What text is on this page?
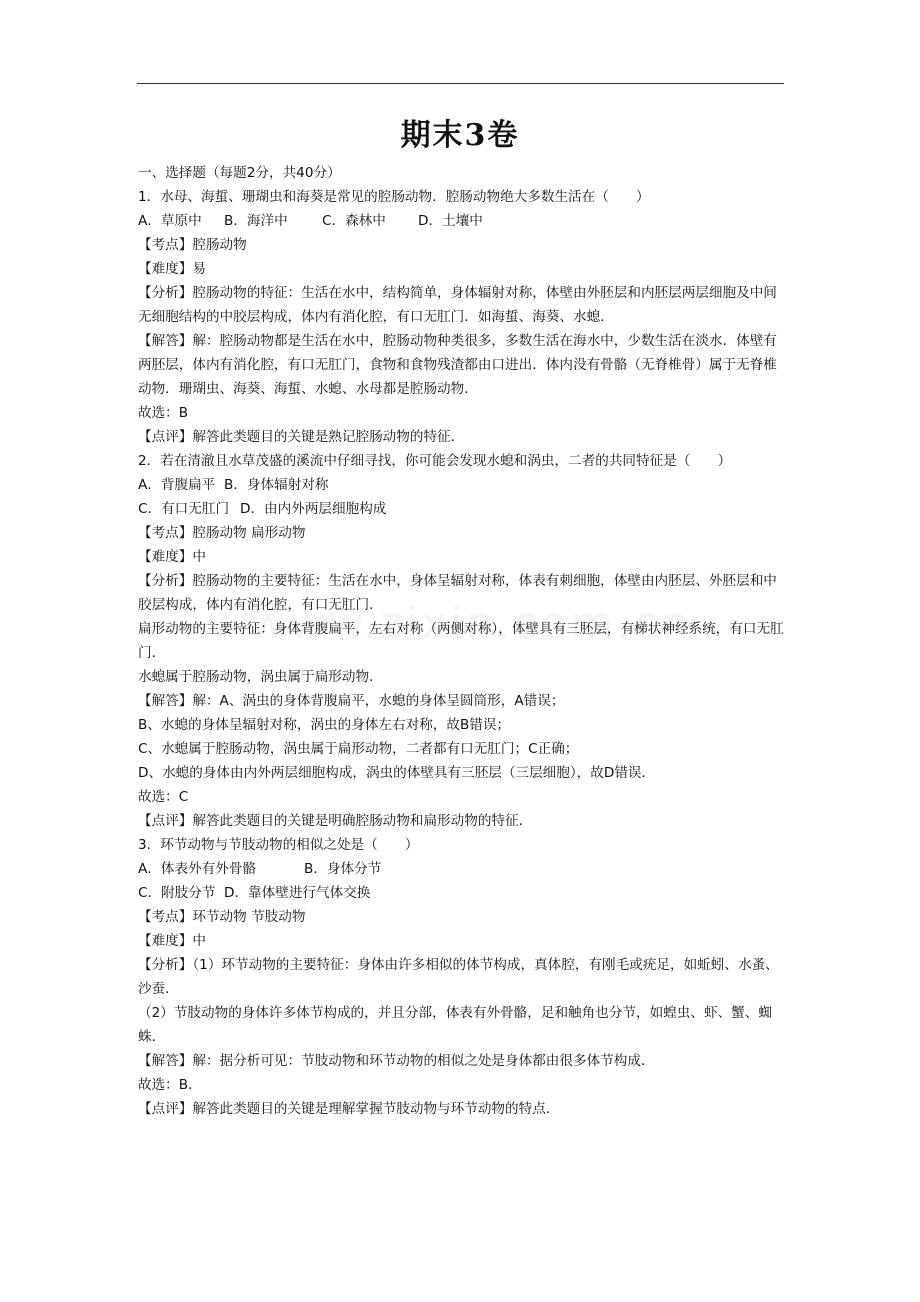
期末3卷

一、选择题（每题2分，共40分）

1．水母、海蜇、珊瑚虫和海葵是常见的腔肠动物．腔肠动物绝大多数生活在（　　）

A．草原中 B．海洋中	C．森林中 D．土壤中

【考点】腔肠动物

【难度】易

【分析】腔肠动物的特征：生活在水中，结构简单，身体辐射对称，体壁由外胚层和内胚层两层细胞及中间无细胞结构的中胶层构成，体内有消化腔，有口无肛门．如海蜇、海葵、水螅．

【解答】解：腔肠动物都是生活在水中，腔肠动物种类很多，多数生活在海水中，少数生活在淡水．体壁有两胚层，体内有消化腔，有口无肛门，食物和食物残渣都由口进出．体内没有骨骼（无脊椎骨）属于无脊椎动物．珊瑚虫、海葵、海蜇、水螅、水母都是腔肠动物．

故选：B

【点评】解答此类题目的关键是熟记腔肠动物的特征．

2．若在清澈且水草茂盛的溪流中仔细寻找，你可能会发现水螅和涡虫，二者的共同特征是（　　）

A．背腹扁平 B．身体辐射对称

C．有口无肛门 D．由内外两层细胞构成

【考点】腔肠动物 扁形动物

【难度】中

【分析】腔肠动物的主要特征：生活在水中，身体呈辐射对称，体表有刺细胞，体壁由内胚层、外胚层和中胶层构成，体内有消化腔，有口无肛门．

扁形动物的主要特征：身体背腹扁平，左右对称（两侧对称），体壁具有三胚层，有梯状神经系统，有口无肛门．

水螅属于腔肠动物，涡虫属于扁形动物．

【解答】解：A、涡虫的身体背腹扁平，水螅的身体呈圆筒形，A错误；

B、水螅的身体呈辐射对称，涡虫的身体左右对称，故B错误；

C、水螅属于腔肠动物，涡虫属于扁形动物，二者都有口无肛门；C正确；

D、水螅的身体由内外两层细胞构成，涡虫的体壁具有三胚层（三层细胞），故D错误．

故选：C

【点评】解答此类题目的关键是明确腔肠动物和扁形动物的特征．

3．环节动物与节肢动物的相似之处是（　　）

A．体表外有外骨骼	B．身体分节

C．附肢分节 D．靠体壁进行气体交换

【考点】环节动物 节肢动物

【难度】中

【分析】（1）环节动物的主要特征：身体由许多相似的体节构成，真体腔，有刚毛或疣足，如蚯蚓、水蚤、沙蚕．

（2）节肢动物的身体许多体节构成的，并且分部，体表有外骨骼，足和触角也分节，如蝗虫、虾、蟹、蜘蛛．

【解答】解：据分析可见：节肢动物和环节动物的相似之处是身体都由很多体节构成．

故选：B．

【点评】解答此类题目的关键是理解掌握节肢动物与环节动物的特点．
